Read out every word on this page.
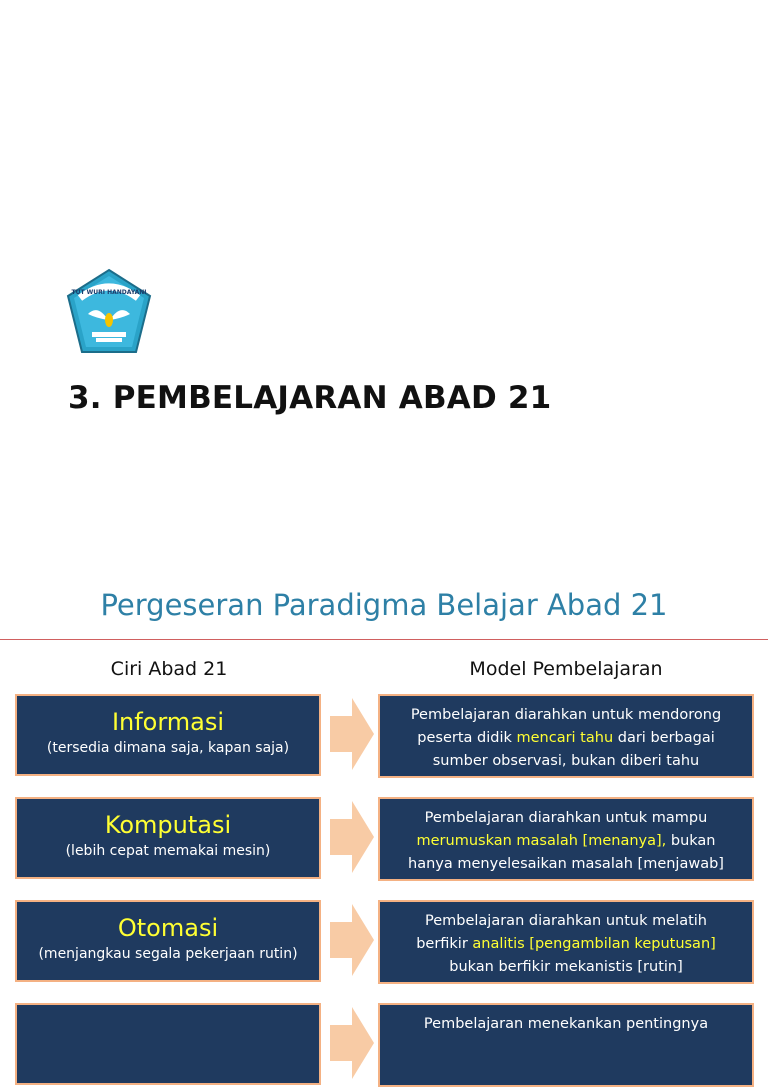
TUT WURI HANDAYANI
3. PEMBELAJARAN ABAD 21
Pergeseran Paradigma Belajar Abad 21
Ciri Abad 21	Model Pembelajaran
Informasi
(tersedia dimana saja, kapan saja)
Pembelajaran diarahkan untuk mendorong
peserta didik mencari tahu dari berbagai
sumber observasi, bukan diberi tahu
Komputasi
(lebih cepat memakai mesin)
Pembelajaran diarahkan untuk mampu
merumuskan masalah [menanya], bukan
hanya menyelesaikan masalah [menjawab]
Otomasi
(menjangkau segala pekerjaan rutin)
Pembelajaran diarahkan untuk melatih
berfikir analitis [pengambilan keputusan]
bukan berfikir mekanistis [rutin]
Pembelajaran menekankan pentingnya
